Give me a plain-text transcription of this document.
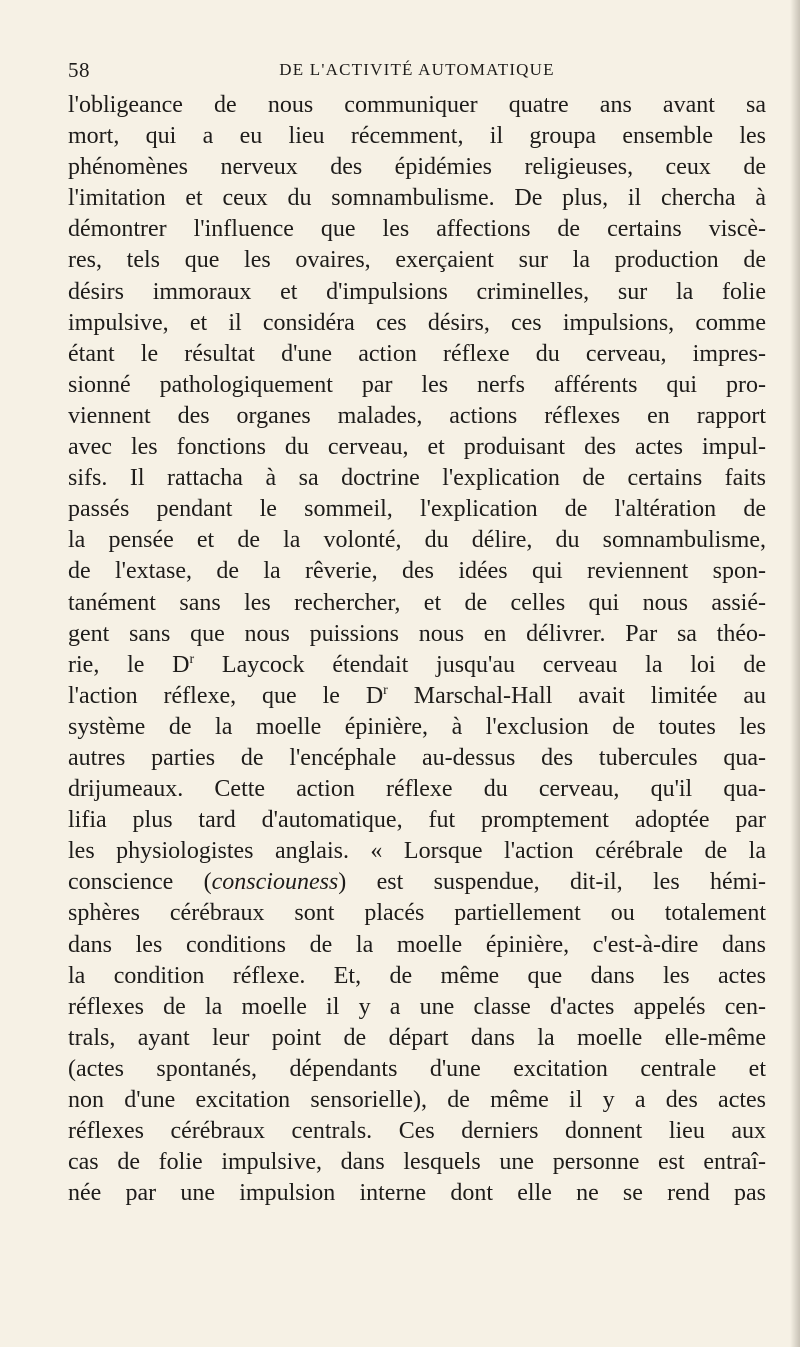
58	DE L'ACTIVITÉ AUTOMATIQUE
l'obligeance de nous communiquer quatre ans avant sa
mort, qui a eu lieu récemment, il groupa ensemble les
phénomènes nerveux des épidémies religieuses, ceux de
l'imitation et ceux du somnambulisme. De plus, il chercha à
démontrer l'influence que les affections de certains viscè-
res, tels que les ovaires, exerçaient sur la production de
désirs immoraux et d'impulsions criminelles, sur la folie
impulsive, et il considéra ces désirs, ces impulsions, comme
étant le résultat d'une action réflexe du cerveau, impres-
sionné pathologiquement par les nerfs afférents qui pro-
viennent des organes malades, actions réflexes en rapport
avec les fonctions du cerveau, et produisant des actes impul-
sifs. Il rattacha à sa doctrine l'explication de certains faits
passés pendant le sommeil, l'explication de l'altération de
la pensée et de la volonté, du délire, du somnambulisme,
de l'extase, de la rêverie, des idées qui reviennent spon-
tanément sans les rechercher, et de celles qui nous assié-
gent sans que nous puissions nous en délivrer. Par sa théo-
rie, le $D^r$ Laycock étendait jusqu'au cerveau la loi de
l'action réflexe, que le $D^r$ Marschal-Hall avait limitée au
système de la moelle épinière, à l'exclusion de toutes les
autres parties de l'encéphale au-dessus des tubercules qua-
drijumeaux. Cette action réflexe du cerveau, qu'il qua-
lifia plus tard d'automatique, fut promptement adoptée par
les physiologistes anglais. « Lorsque l'action cérébrale de la
conscience (consciouness) est suspendue, dit-il, les hémi-
sphères cérébraux sont placés partiellement ou totalement
dans les conditions de la moelle épinière, c'est-à-dire dans
la condition réflexe. Et, de même que dans les actes
réflexes de la moelle il y a une classe d'actes appelés cen-
trals, ayant leur point de départ dans la moelle elle-même
(actes spontanés, dépendants d'une excitation centrale et
non d'une excitation sensorielle), de même il y a des actes
réflexes cérébraux centrals. Ces derniers donnent lieu aux
cas de folie impulsive, dans lesquels une personne est entraî-
née par une impulsion interne dont elle ne se rend pas
